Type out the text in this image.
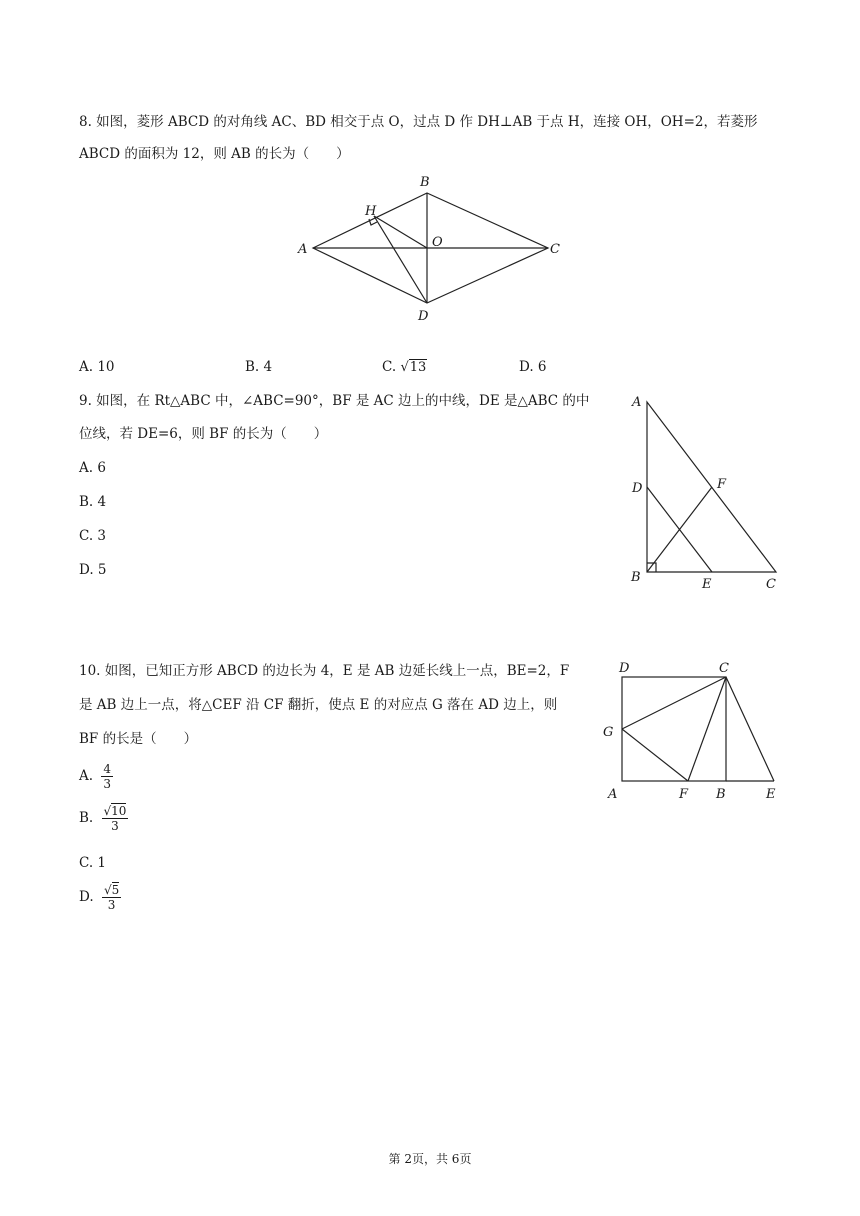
8. 如图，菱形 ABCD 的对角线 AC、BD 相交于点 O，过点 D 作 DH⊥AB 于点 H，连接 OH，OH=2，若菱形
ABCD 的面积为 12，则 AB 的长为（　　）
A
B
C
D
H
O
A. 10	B. 4	C. √13	D. 6
9. 如图，在 Rt△ABC 中，∠ABC=90°，BF 是 AC 边上的中线，DE 是△ABC 的中
位线，若 DE=6，则 BF 的长为（　　）
A. 6
B. 4
C. 3
D. 5
A
B	C
D
E
F
10. 如图，已知正方形 ABCD 的边长为 4，E 是 AB 边延长线上一点，BE=2，F
是 AB 边上一点，将△CEF 沿 CF 翻折，使点 E 的对应点 G 落在 AD 边上，则
BF 的长是（　　）
A. $\frac{4}{3}$
B. $\frac{√10}{3}$
C. 1
D. $\frac{√5}{3}$
A	B
C
D
E
F
G
第 2页，共 6页
